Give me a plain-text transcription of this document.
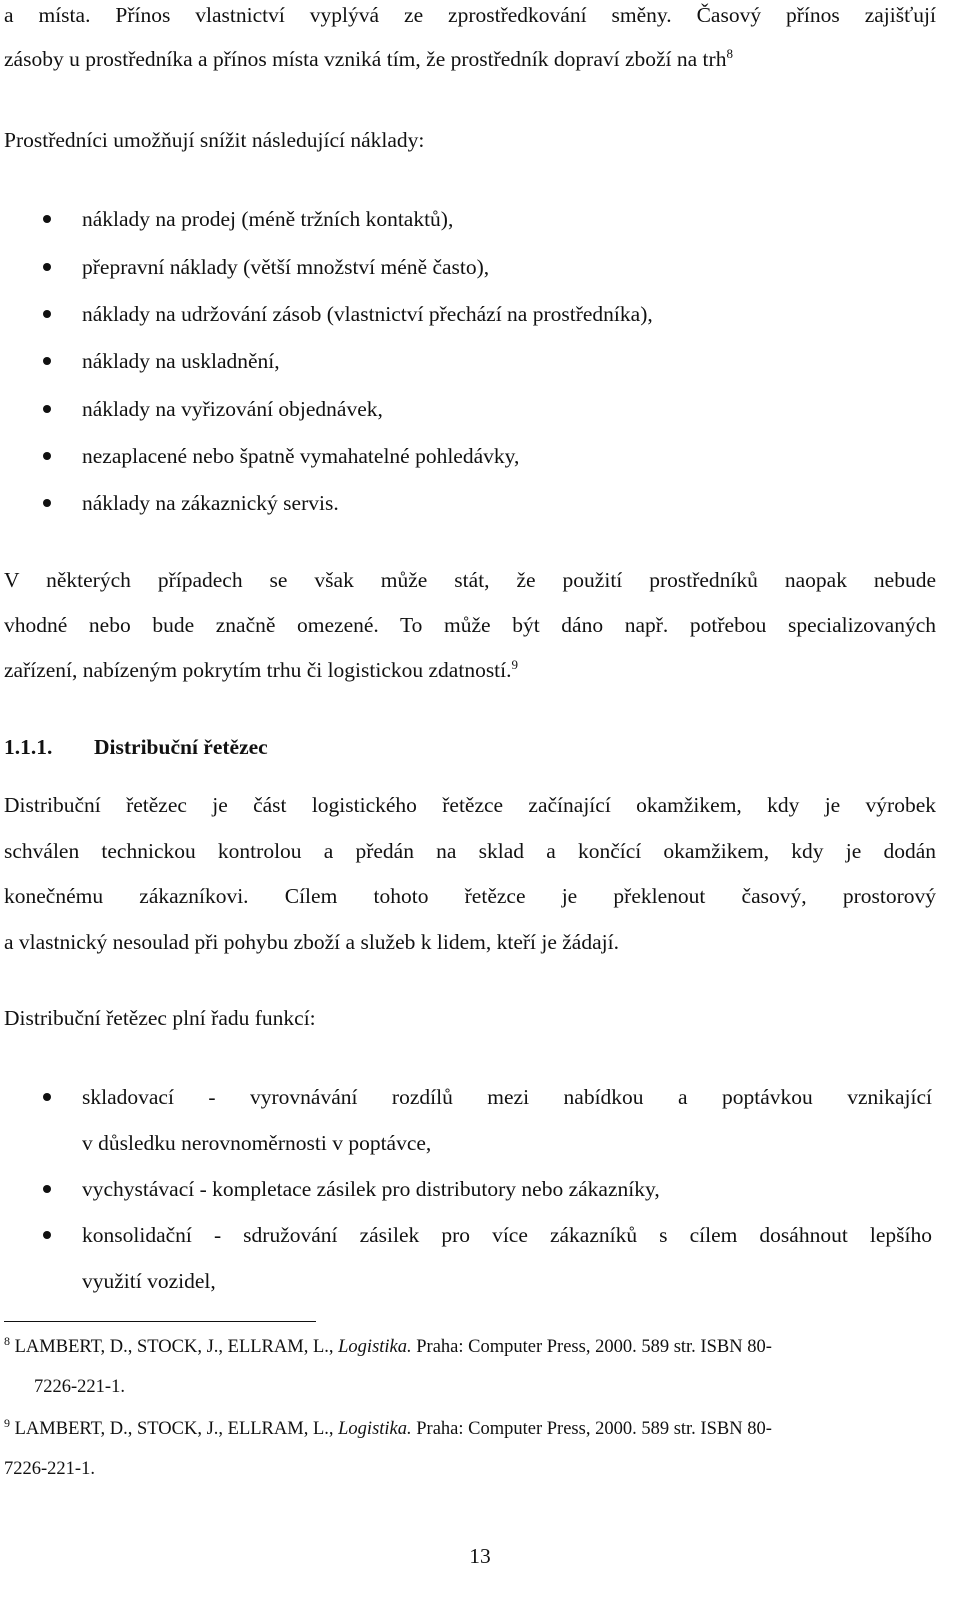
a místa. Přínos vlastnictví vyplývá ze zprostředkování směny. Časový přínos zajišťují
zásoby u prostředníka a přínos místa vzniká tím, že prostředník dopraví zboží na trh$^8$
Prostředníci umožňují snížit následující náklady:
náklady na prodej (méně tržních kontaktů),
přepravní náklady (větší množství méně často),
náklady na udržování zásob (vlastnictví přechází na prostředníka),
náklady na uskladnění,
náklady na vyřizování objednávek,
nezaplacené nebo špatně vymahatelné pohledávky,
náklady na zákaznický servis.
V některých případech se však může stát, že použití prostředníků naopak nebude
vhodné nebo bude značně omezené. To může být dáno např. potřebou specializovaných
zařízení, nabízeným pokrytím trhu či logistickou zdatností.$^9$
1.1.1. Distribuční řetězec
Distribuční řetězec je část logistického řetězce začínající okamžikem, kdy je výrobek
schválen technickou kontrolou a předán na sklad a končící okamžikem, kdy je dodán
konečnému zákazníkovi. Cílem tohoto řetězce je překlenout časový, prostorový
a vlastnický nesoulad při pohybu zboží a služeb k lidem, kteří je žádají.
Distribuční řetězec plní řadu funkcí:
skladovací - vyrovnávání rozdílů mezi nabídkou a poptávkou vznikající
v důsledku nerovnoměrnosti v poptávce,
vychystávací - kompletace zásilek pro distributory nebo zákazníky,
konsolidační - sdružování zásilek pro více zákazníků s cílem dosáhnout lepšího
využití vozidel,
$^8$ LAMBERT, D., STOCK, J., ELLRAM, L., Logistika. Praha: Computer Press, 2000. 589 str. ISBN 80-
7226-221-1.
$^9$ LAMBERT, D., STOCK, J., ELLRAM, L., Logistika. Praha: Computer Press, 2000. 589 str. ISBN 80-
7226-221-1.
13
